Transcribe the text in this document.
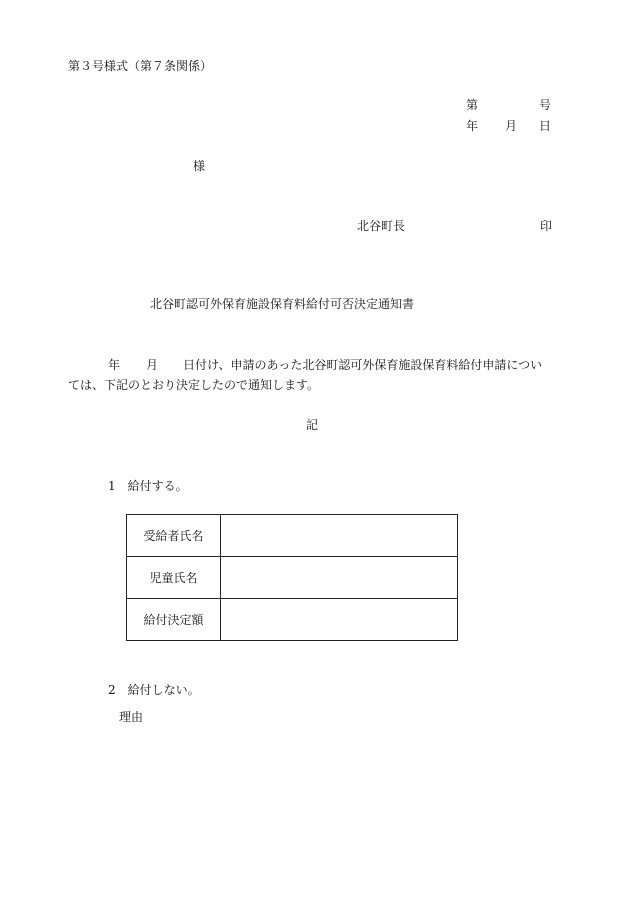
第３号様式（第７条関係）
第	号
年 月 日
様
北谷町長	印
北谷町認可外保育施設保育料給付可否決定通知書
年 月 日付け、申請のあった北谷町認可外保育施設保育料給付申請につい
ては、下記のとおり決定したので通知します。
記
1　給付する。
受給者氏名	
児童氏名	
給付決定額	
2　給付しない。
理由
